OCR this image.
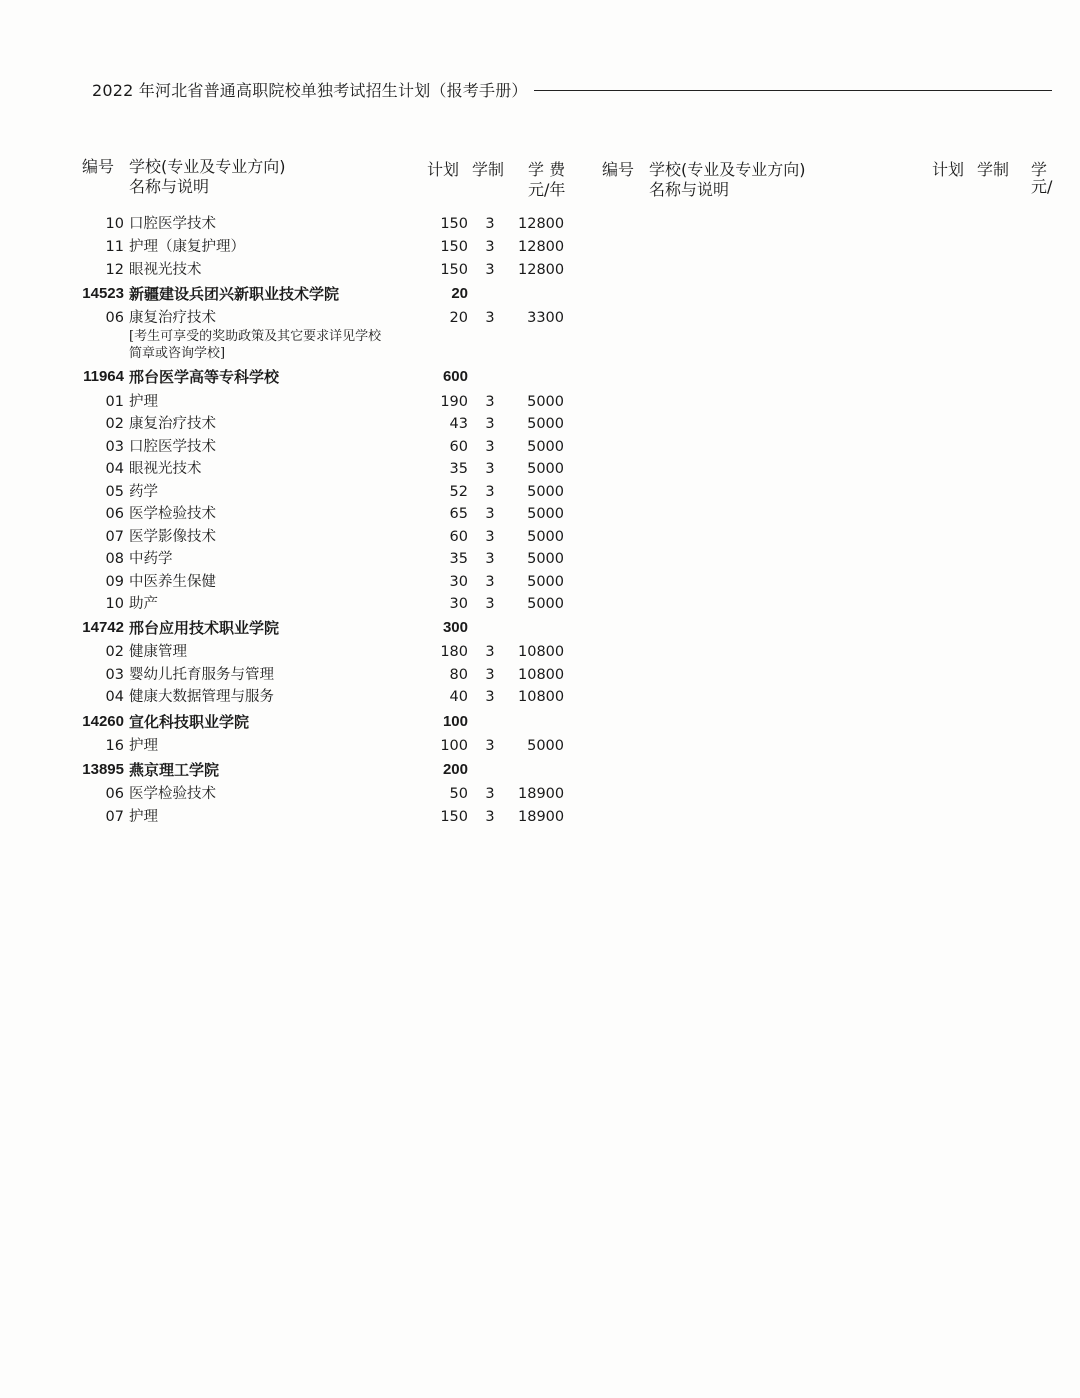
2022 年河北省普通高职院校单独考试招生计划（报考手册）
编号 学校(专业及专业方向)
名称与说明
计划 学制 学 费
元/年
编号 学校(专业及专业方向)
名称与说明
计划 学制 学
元/
10 口腔医学技术	150	3	12800
11 护理（康复护理）	150	3	12800
12 眼视光技术	150	3	12800
14523 新疆建设兵团兴新职业技术学院	20
06 康复治疗技术	20	3	3300
[考生可享受的奖助政策及其它要求详见学校
简章或咨询学校]
11964 邢台医学高等专科学校	600
01 护理	190	3	5000
02 康复治疗技术	43	3	5000
03 口腔医学技术	60	3	5000
04 眼视光技术	35	3	5000
05 药学	52	3	5000
06 医学检验技术	65	3	5000
07 医学影像技术	60	3	5000
08 中药学	35	3	5000
09 中医养生保健	30	3	5000
10 助产	30	3	5000
14742 邢台应用技术职业学院	300
02 健康管理	180	3	10800
03 婴幼儿托育服务与管理	80	3	10800
04 健康大数据管理与服务	40	3	10800
14260 宣化科技职业学院	100
16 护理	100	3	5000
13895 燕京理工学院	200
06 医学检验技术	50	3	18900
07 护理	150	3	18900
